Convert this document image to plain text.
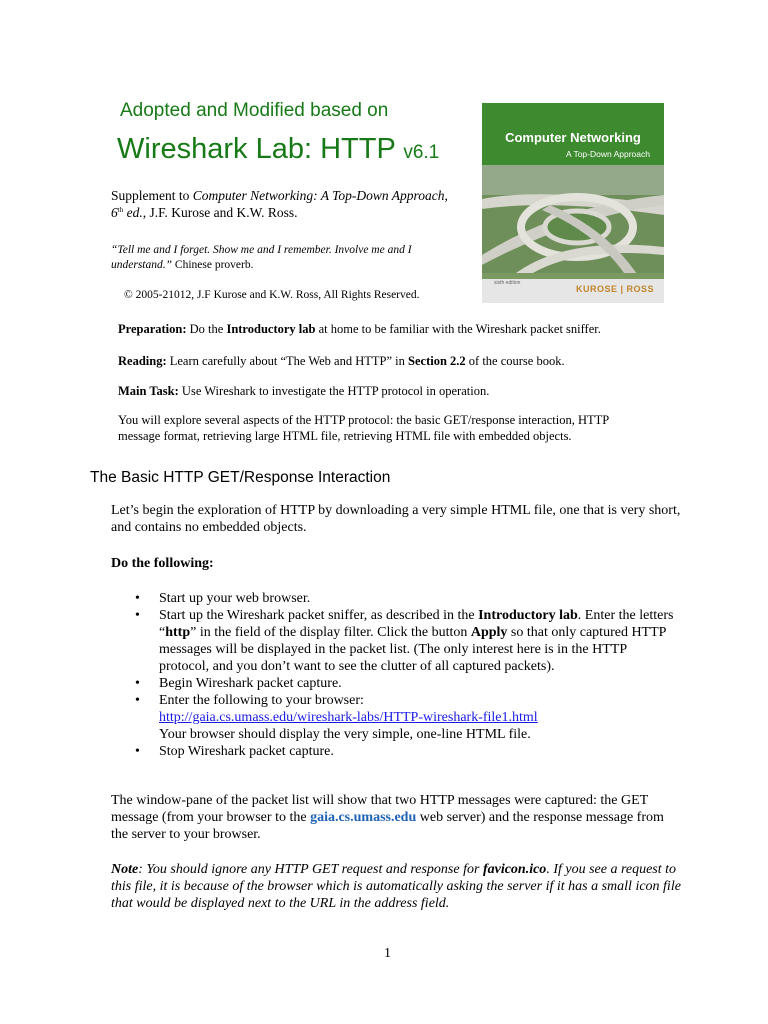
Adopted and Modified based on
Wireshark Lab: HTTP v6.1

Supplement to Computer Networking: A Top-Down Approach,
6th ed., J.F. Kurose and K.W. Ross.

“Tell me and I forget. Show me and I remember. Involve me and I understand.” Chinese proverb.

© 2005-21012, J.F Kurose and K.W. Ross, All Rights Reserved.
Computer Networking
A Top-Down Approach
sixth edition
KUROSE | ROSS

Preparation: Do the Introductory lab at home to be familiar with the Wireshark packet sniffer.

Reading: Learn carefully about “The Web and HTTP” in Section 2.2 of the course book.

Main Task: Use Wireshark to investigate the HTTP protocol in operation.

You will explore several aspects of the HTTP protocol: the basic GET/response interaction, HTTP message format, retrieving large HTML file, retrieving HTML file with embedded objects.

The Basic HTTP GET/Response Interaction

Let’s begin the exploration of HTTP by downloading a very simple HTML file, one that is very short, and contains no embedded objects.

Do the following:

• Start up your web browser.
• Start up the Wireshark packet sniffer, as described in the Introductory lab. Enter the letters “http” in the field of the display filter. Click the button Apply so that only captured HTTP messages will be displayed in the packet list. (The only interest here is in the HTTP protocol, and you don’t want to see the clutter of all captured packets).
• Begin Wireshark packet capture.
• Enter the following to your browser:
http://gaia.cs.umass.edu/wireshark-labs/HTTP-wireshark-file1.html
Your browser should display the very simple, one-line HTML file.
• Stop Wireshark packet capture.

The window-pane of the packet list will show that two HTTP messages were captured: the GET message (from your browser to the gaia.cs.umass.edu web server) and the response message from the server to your browser.

Note: You should ignore any HTTP GET request and response for favicon.ico. If you see a request to this file, it is because of the browser which is automatically asking the server if it has a small icon file that would be displayed next to the URL in the address field.

1
